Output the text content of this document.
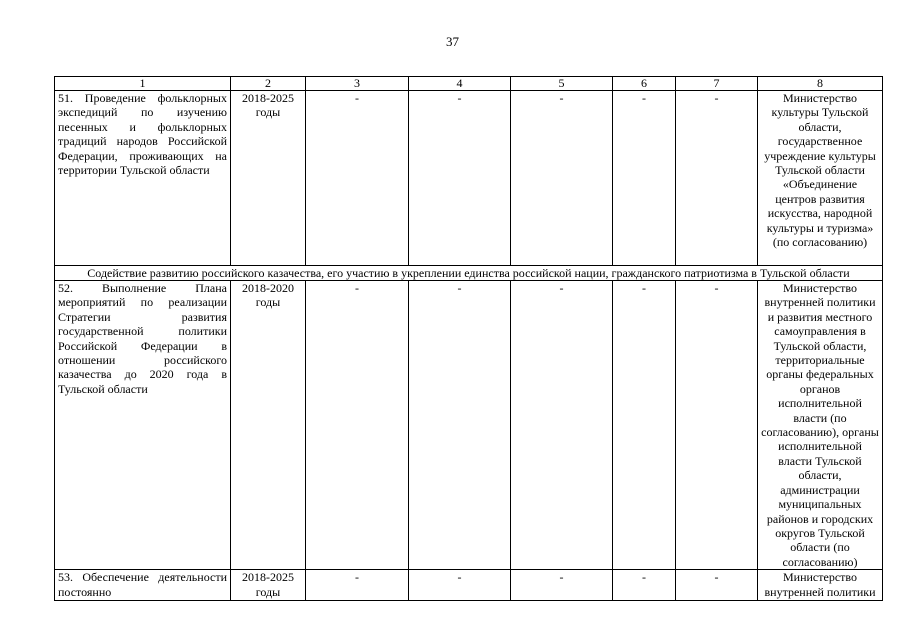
37
1	2	3	4	5	6	7	8
51. Проведение фольклорных экспедиций по изучению песенных и фольклорных традиций народов Российской Федерации, проживающих на территории Тульской области	2018-2025 годы	-	-	-	-	-	Министерство культуры Тульской области, государственное учреждение культуры Тульской области «Объединение центров развития искусства, народной культуры и туризма» (по согласованию)
Содействие развитию российского казачества, его участию в укреплении единства российской нации, гражданского патриотизма в Тульской области							
52. Выполнение Плана мероприятий по реализации Стратегии развития государственной политики Российской Федерации в отношении российского казачества до 2020 года в Тульской области	2018-2020 годы	-	-	-	-	-	Министерство внутренней политики и развития местного самоуправления в Тульской области, территориальные органы федеральных органов исполнительной власти (по согласованию), органы исполнительной власти Тульской области, администрации муниципальных районов и городских округов Тульской области (по согласованию)
53. Обеспечение деятельности постоянно	2018-2025 годы	-	-	-	-	-	Министерство внутренней политики
